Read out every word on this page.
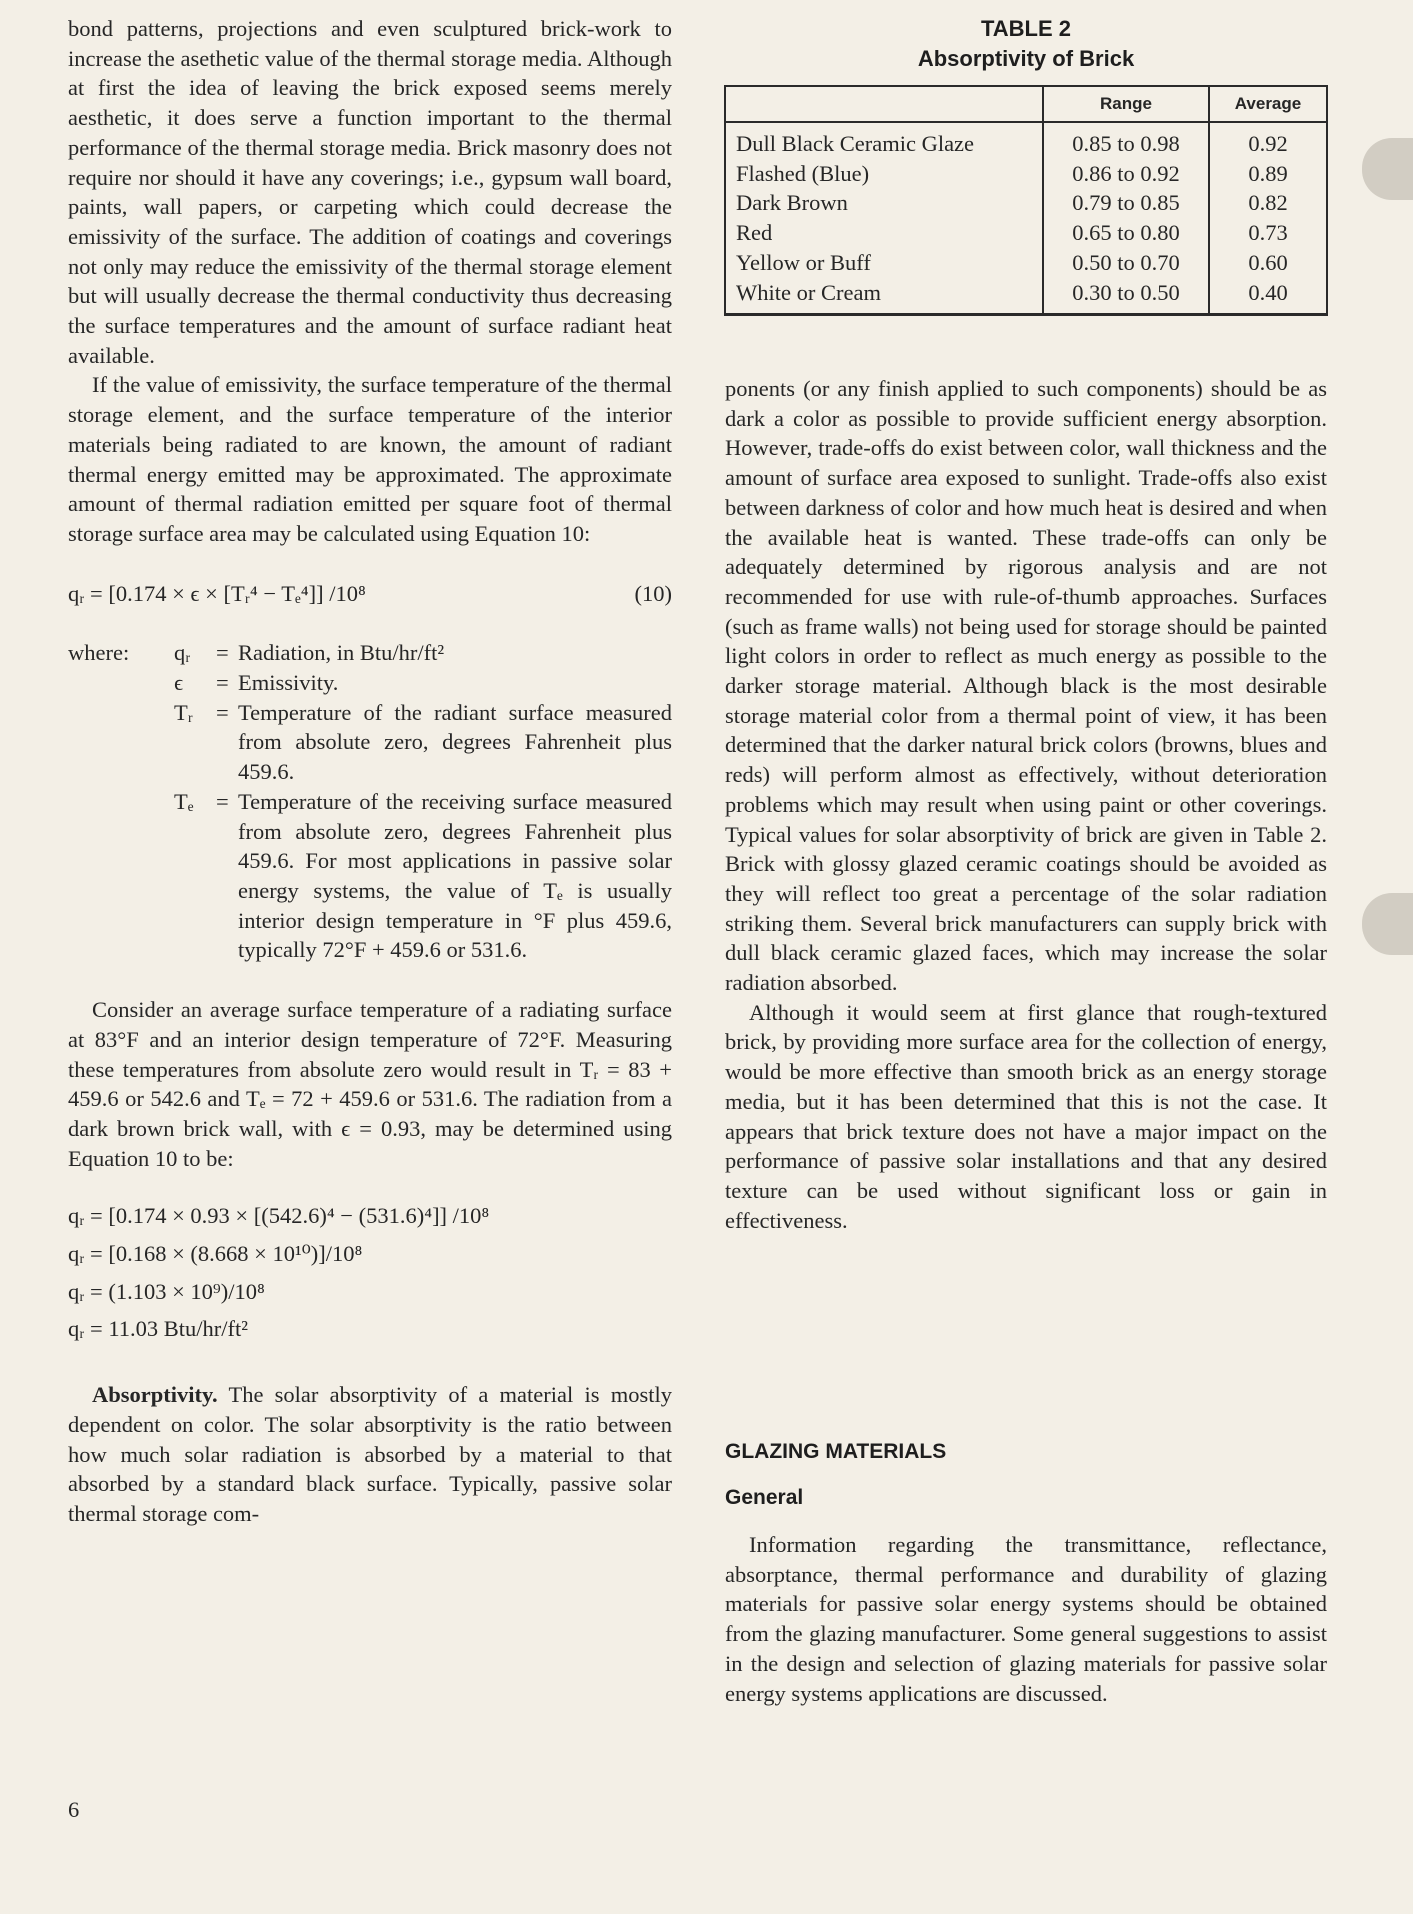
bond patterns, projections and even sculptured brick-work to increase the asethetic value of the thermal storage media. Although at first the idea of leaving the brick exposed seems merely aesthetic, it does serve a function important to the thermal performance of the thermal storage media. Brick masonry does not require nor should it have any coverings; i.e., gypsum wall board, paints, wall papers, or carpeting which could decrease the emissivity of the surface. The addition of coatings and coverings not only may reduce the emissivity of the thermal storage element but will usually decrease the thermal conductivity thus decreasing the surface temperatures and the amount of surface radiant heat available.

If the value of emissivity, the surface temperature of the thermal storage element, and the surface temperature of the interior materials being radiated to are known, the amount of radiant thermal energy emitted may be approximated. The approximate amount of thermal radiation emitted per square foot of thermal storage surface area may be calculated using Equation 10:

qᵣ = [0.174 × ϵ × [Tᵣ⁴ − Tₑ⁴]] /10⁸	(10)
where:	qᵣ	= Radiation, in Btu/hr/ft²
ϵ	= Emissivity.
Tᵣ	= Temperature of the radiant surface measured from absolute zero, degrees Fahrenheit plus 459.6.
Tₑ = Temperature of the receiving surface measured from absolute zero, degrees Fahrenheit plus 459.6. For most applications in passive solar energy systems, the value of Tₑ is usually interior design temperature in °F plus 459.6, typically 72°F + 459.6 or 531.6.

Consider an average surface temperature of a radiating surface at 83°F and an interior design temperature of 72°F. Measuring these temperatures from absolute zero would result in Tᵣ = 83 + 459.6 or 542.6 and Tₑ = 72 + 459.6 or 531.6. The radiation from a dark brown brick wall, with ϵ = 0.93, may be determined using Equation 10 to be:

qᵣ = [0.174 × 0.93 × [(542.6)⁴ − (531.6)⁴]] /10⁸
qᵣ = [0.168 × (8.668 × 10¹⁰)]/10⁸
qᵣ = (1.103 × 10⁹)/10⁸
qᵣ = 11.03 Btu/hr/ft²

Absorptivity. The solar absorptivity of a material is mostly dependent on color. The solar absorptivity is the ratio between how much solar radiation is absorbed by a material to that absorbed by a standard black surface. Typically, passive solar thermal storage com-

TABLE 2
Absorptivity of Brick
	Range	Average
Dull Black Ceramic Glaze	0.85 to 0.98	0.92
Flashed (Blue)	0.86 to 0.92	0.89
Dark Brown	0.79 to 0.85	0.82
Red	0.65 to 0.80	0.73
Yellow or Buff	0.50 to 0.70	0.60
White or Cream	0.30 to 0.50	0.40

ponents (or any finish applied to such components) should be as dark a color as possible to provide sufficient energy absorption. However, trade-offs do exist between color, wall thickness and the amount of surface area exposed to sunlight. Trade-offs also exist between darkness of color and how much heat is desired and when the available heat is wanted. These trade-offs can only be adequately determined by rigorous analysis and are not recommended for use with rule-of-thumb approaches. Surfaces (such as frame walls) not being used for storage should be painted light colors in order to reflect as much energy as possible to the darker storage material. Although black is the most desirable storage material color from a thermal point of view, it has been determined that the darker natural brick colors (browns, blues and reds) will perform almost as effectively, without deterioration problems which may result when using paint or other coverings. Typical values for solar absorptivity of brick are given in Table 2. Brick with glossy glazed ceramic coatings should be avoided as they will reflect too great a percentage of the solar radiation striking them. Several brick manufacturers can supply brick with dull black ceramic glazed faces, which may increase the solar radiation absorbed.

Although it would seem at first glance that rough-textured brick, by providing more surface area for the collection of energy, would be more effective than smooth brick as an energy storage media, but it has been determined that this is not the case. It appears that brick texture does not have a major impact on the performance of passive solar installations and that any desired texture can be used without significant loss or gain in effectiveness.

GLAZING MATERIALS
General

Information regarding the transmittance, reflectance, absorptance, thermal performance and durability of glazing materials for passive solar energy systems should be obtained from the glazing manufacturer. Some general suggestions to assist in the design and selection of glazing materials for passive solar energy systems applications are discussed.

6
